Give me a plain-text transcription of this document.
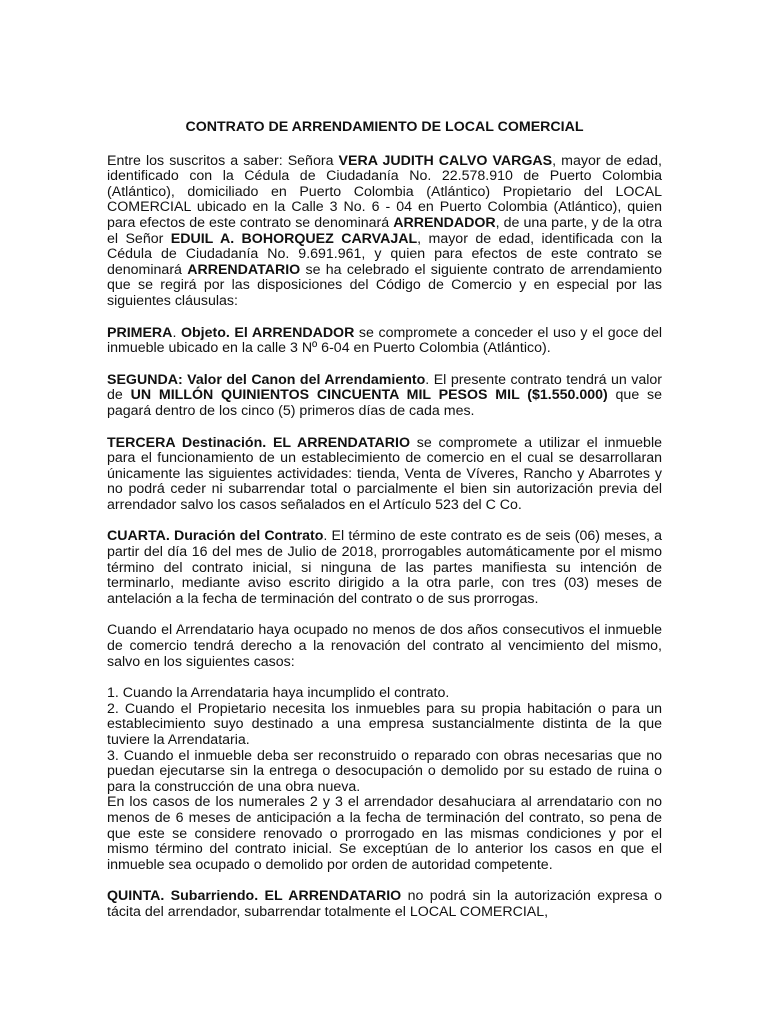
CONTRATO DE ARRENDAMIENTO DE LOCAL COMERCIAL

Entre los suscritos a saber: Señora VERA JUDITH CALVO VARGAS, mayor de edad, identificado con la Cédula de Ciudadanía No. 22.578.910 de Puerto Colombia (Atlántico), domiciliado en Puerto Colombia (Atlántico) Propietario del LOCAL COMERCIAL ubicado en la Calle 3 No. 6 - 04 en Puerto Colombia (Atlántico), quien para efectos de este contrato se denominará ARRENDADOR, de una parte, y de la otra el Señor EDUIL A. BOHORQUEZ CARVAJAL, mayor de edad, identificada con la Cédula de Ciudadanía No. 9.691.961, y quien para efectos de este contrato se denominará ARRENDATARIO se ha celebrado el siguiente contrato de arrendamiento que se regirá por las disposiciones del Código de Comercio y en especial por las siguientes cláusulas:

PRIMERA. Objeto. El ARRENDADOR se compromete a conceder el uso y el goce del inmueble ubicado en la calle 3 Nº 6-04 en Puerto Colombia (Atlántico).

SEGUNDA: Valor del Canon del Arrendamiento. El presente contrato tendrá un valor de UN MILLÓN QUINIENTOS CINCUENTA MIL PESOS MIL ($1.550.000) que se pagará dentro de los cinco (5) primeros días de cada mes.

TERCERA Destinación. EL ARRENDATARIO se compromete a utilizar el inmueble para el funcionamiento de un establecimiento de comercio en el cual se desarrollaran únicamente las siguientes actividades: tienda, Venta de Víveres, Rancho y Abarrotes y no podrá ceder ni subarrendar total o parcialmente el bien sin autorización previa del arrendador salvo los casos señalados en el Artículo 523 del C Co.

CUARTA. Duración del Contrato. El término de este contrato es de seis (06) meses, a partir del día 16 del mes de Julio de 2018, prorrogables automáticamente por el mismo término del contrato inicial, si ninguna de las partes manifiesta su intención de terminarlo, mediante aviso escrito dirigido a la otra parle, con tres (03) meses de antelación a la fecha de terminación del contrato o de sus prorrogas.

Cuando el Arrendatario haya ocupado no menos de dos años consecutivos el inmueble de comercio tendrá derecho a la renovación del contrato al vencimiento del mismo, salvo en los siguientes casos:

1. Cuando la Arrendataria haya incumplido el contrato.

2. Cuando el Propietario necesita los inmuebles para su propia habitación o para un establecimiento suyo destinado a una empresa sustancialmente distinta de la que tuviere la Arrendataria.

3. Cuando el inmueble deba ser reconstruido o reparado con obras necesarias que no puedan ejecutarse sin la entrega o desocupación o demolido por su estado de ruina o para la construcción de una obra nueva.

En los casos de los numerales 2 y 3 el arrendador desahuciara al arrendatario con no menos de 6 meses de anticipación a la fecha de terminación del contrato, so pena de que este se considere renovado o prorrogado en las mismas condiciones y por el mismo término del contrato inicial. Se exceptúan de lo anterior los casos en que el inmueble sea ocupado o demolido por orden de autoridad competente.

QUINTA. Subarriendo. EL ARRENDATARIO no podrá sin la autorización expresa o tácita del arrendador, subarrendar totalmente el LOCAL COMERCIAL,
